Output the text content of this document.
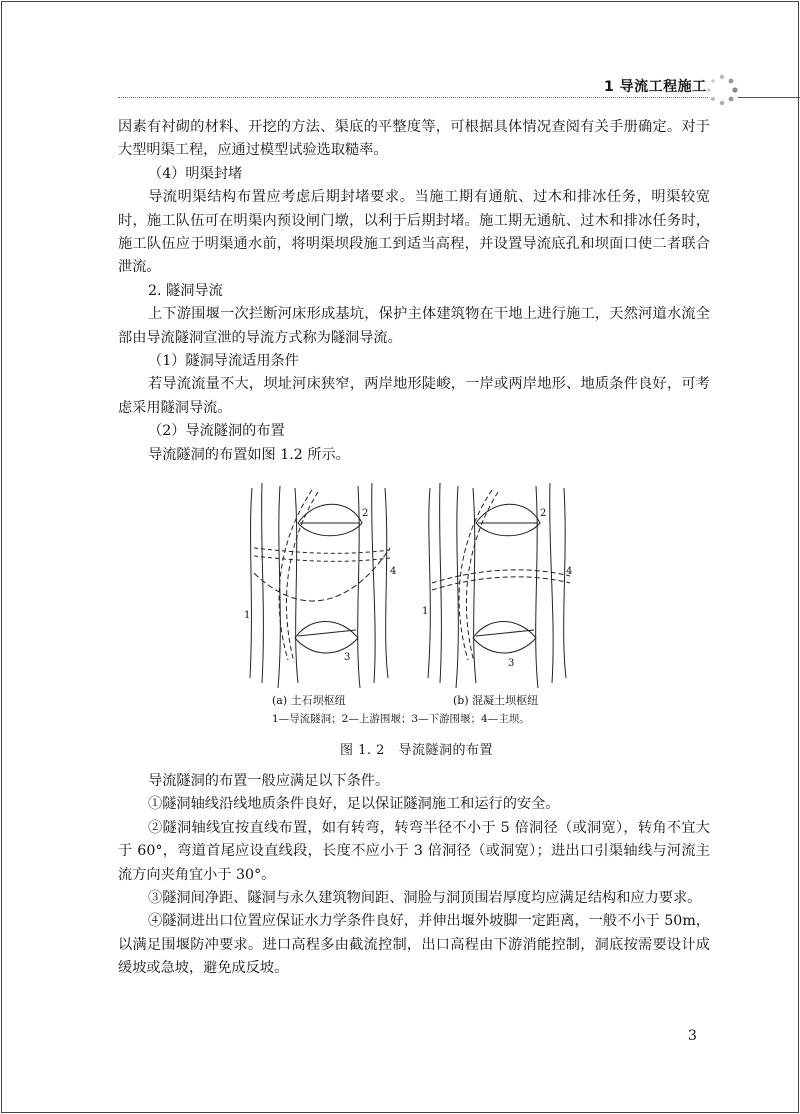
1 导流工程施工

因素有衬砌的材料、开挖的方法、渠底的平整度等，可根据具体情况查阅有关手册确定。对于大型明渠工程，应通过模型试验选取糙率。

（4）明渠封堵

导流明渠结构布置应考虑后期封堵要求。当施工期有通航、过木和排冰任务，明渠较宽时，施工队伍可在明渠内预设闸门墩，以利于后期封堵。施工期无通航、过木和排冰任务时，施工队伍应于明渠通水前，将明渠坝段施工到适当高程，并设置导流底孔和坝面口使二者联合泄流。

2. 隧洞导流

上下游围堰一次拦断河床形成基坑，保护主体建筑物在干地上进行施工，天然河道水流全部由导流隧洞宣泄的导流方式称为隧洞导流。

（1）隧洞导流适用条件

若导流流量不大，坝址河床狭窄，两岸地形陡峻，一岸或两岸地形、地质条件良好，可考虑采用隧洞导流。

（2）导流隧洞的布置

导流隧洞的布置如图 1.2 所示。

1
2
3
4
1
2
3
4
(a) 土石坝枢纽	(b) 混凝土坝枢纽
1—导流隧洞；2—上游围堰；3—下游围堰；4—主坝。
图 1. 2　导流隧洞的布置

导流隧洞的布置一般应满足以下条件。

①隧洞轴线沿线地质条件良好，足以保证隧洞施工和运行的安全。

②隧洞轴线宜按直线布置，如有转弯，转弯半径不小于 5 倍洞径（或洞宽），转角不宜大于 60°，弯道首尾应设直线段，长度不应小于 3 倍洞径（或洞宽）；进出口引渠轴线与河流主流方向夹角宜小于 30°。

③隧洞间净距、隧洞与永久建筑物间距、洞脸与洞顶围岩厚度均应满足结构和应力要求。

④隧洞进出口位置应保证水力学条件良好，并伸出堰外坡脚一定距离，一般不小于 50m，以满足围堰防冲要求。进口高程多由截流控制，出口高程由下游消能控制，洞底按需要设计成缓坡或急坡，避免成反坡。

3
